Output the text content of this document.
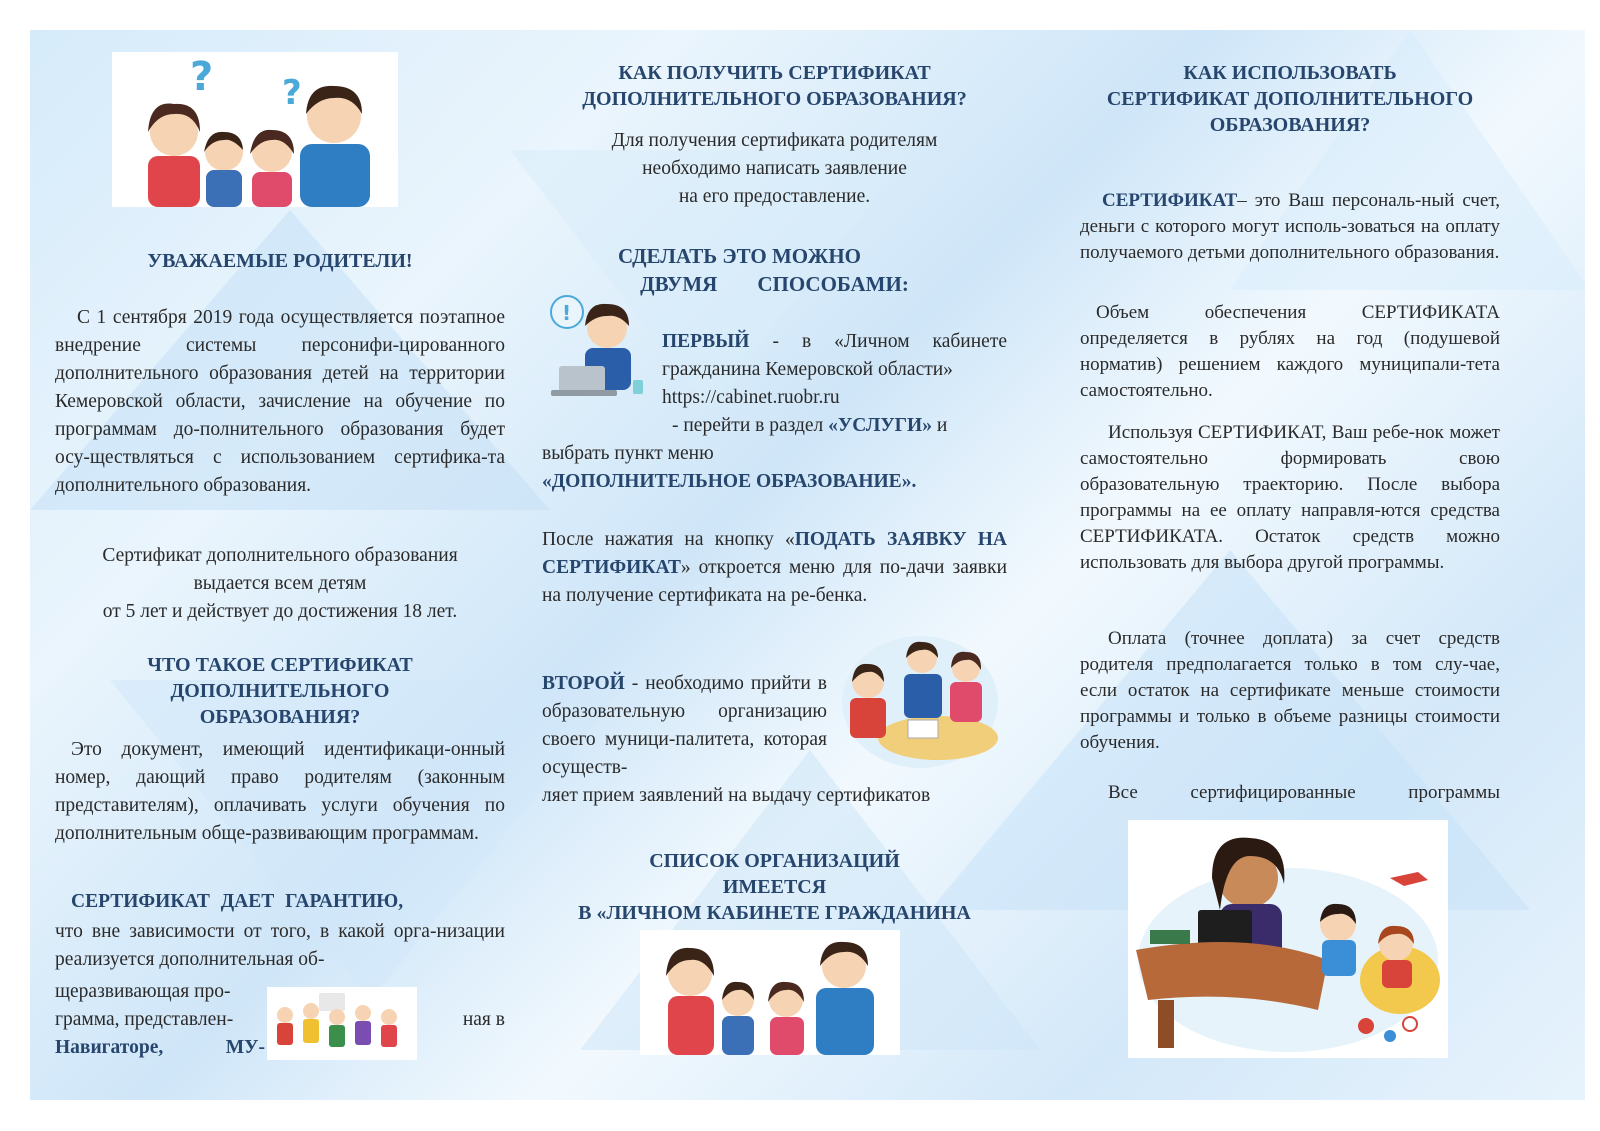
? ?
УВАЖАЕМЫЕ РОДИТЕЛИ!

С 1 сентября 2019 года осуществляется поэтапное внедрение системы персонифи-цированного дополнительного образования детей на территории Кемеровской области, зачисление на обучение по программам до-полнительного образования будет осу-ществляться с использованием сертифика-та дополнительного образования.

Сертификат дополнительного образования
выдается всем детям
от 5 лет и действует до достижения 18 лет.
ЧТО ТАКОЕ СЕРТИФИКАТ
ДОПОЛНИТЕЛЬНОГО
ОБРАЗОВАНИЯ?

Это документ, имеющий идентификаци-онный номер, дающий право родителям (законным представителям), оплачивать услуги обучения по дополнительным обще-развивающим программам.

СЕРТИФИКАТ ДАЕТ ГАРАНТИЮ,

что вне зависимости от того, в какой орга-низации реализуется дополнительная об-

щеразвивающая про-
грамма, представлен-
Навигаторе,	МУ-
ная в
КАК ПОЛУЧИТЬ СЕРТИФИКАТ
ДОПОЛНИТЕЛЬНОГО ОБРАЗОВАНИЯ?
Для получения сертификата родителям
необходимо написать заявление
на его предоставление.
СДЕЛАТЬ ЭТО МОЖНО
ДВУМЯ СПОСОБАМИ:
!

ПЕРВЫЙ - в «Личном кабинете гражданина Кемеровской области»
https://cabinet.ruobr.ru

- перейти в раздел «УСЛУГИ» и
выбрать пункт меню
«ДОПОЛНИТЕЛЬНОЕ ОБРАЗОВАНИЕ».

После нажатия на кнопку «ПОДАТЬ ЗАЯВКУ НА СЕРТИФИКАТ» откроется меню для по-дачи заявки на получение сертификата на ре-бенка.

ВТОРОЙ - необходимо прийти в образовательную организацию своего муници-палитета, которая осуществ-

ляет прием заявлений на выдачу сертификатов

СПИСОК ОРГАНИЗАЦИЙ
ИМЕЕТСЯ
В «ЛИЧНОМ КАБИНЕТЕ ГРАЖДАНИНА
КАК ИСПОЛЬЗОВАТЬ
СЕРТИФИКАТ ДОПОЛНИТЕЛЬНОГО
ОБРАЗОВАНИЯ?

СЕРТИФИКАТ– это Ваш персональ-ный счет, деньги с которого могут исполь-зоваться на оплату получаемого детьми дополнительного образования.

Объем обеспечения СЕРТИФИКАТА определяется в рублях на год (подушевой норматив) решением каждого муниципали-тета самостоятельно.

Используя СЕРТИФИКАТ, Ваш ребе-нок может самостоятельно формировать свою образовательную траекторию. После выбора программы на ее оплату направля-ются средства СЕРТИФИКАТА. Остаток средств можно использовать для выбора другой программы.

Оплата (точнее доплата) за счет средств родителя предполагается только в том слу-чае, если остаток на сертификате меньше стоимости программы и только в объеме разницы стоимости обучения.

Все сертифицированные программы
